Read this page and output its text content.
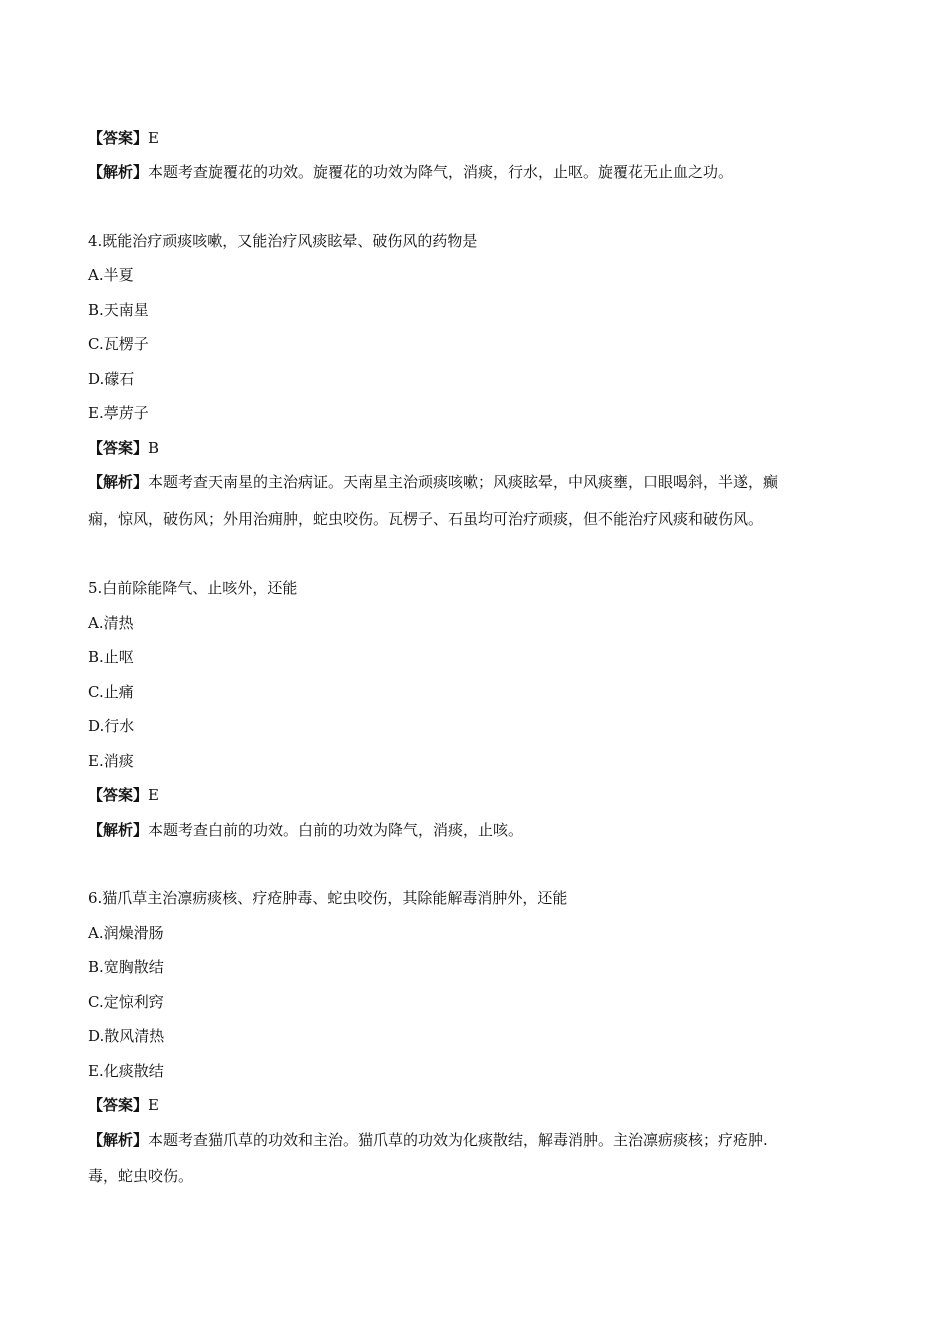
【答案】E
【解析】本题考查旋覆花的功效。旋覆花的功效为降气，消痰，行水，止呕。旋覆花无止血之功。
4.既能治疗顽痰咳嗽，又能治疗风痰眩晕、破伤风的药物是
A.半夏
B.天南星
C.瓦楞子
D.礞石
E.葶苈子
【答案】B
【解析】本题考查天南星的主治病证。天南星主治顽痰咳嗽；风痰眩晕，中风痰壅，口眼喝斜，半遂，癫
痫，惊风，破伤风；外用治痈肿，蛇虫咬伤。瓦楞子、石虽均可治疗顽痰，但不能治疗风痰和破伤风。
5.白前除能降气、止咳外，还能
A.清热
B.止呕
C.止痛
D.行水
E.消痰
【答案】E
【解析】本题考查白前的功效。白前的功效为降气，消痰，止咳。
6.猫爪草主治凛疬痰核、疗疮肿毒、蛇虫咬伤，其除能解毒消肿外，还能
A.润燥滑肠
B.宽胸散结
C.定惊利窍
D.散风清热
E.化痰散结
【答案】E
【解析】本题考查猫爪草的功效和主治。猫爪草的功效为化痰散结，解毒消肿。主治凛疬痰核；疗疮肿.
毒，蛇虫咬伤。
